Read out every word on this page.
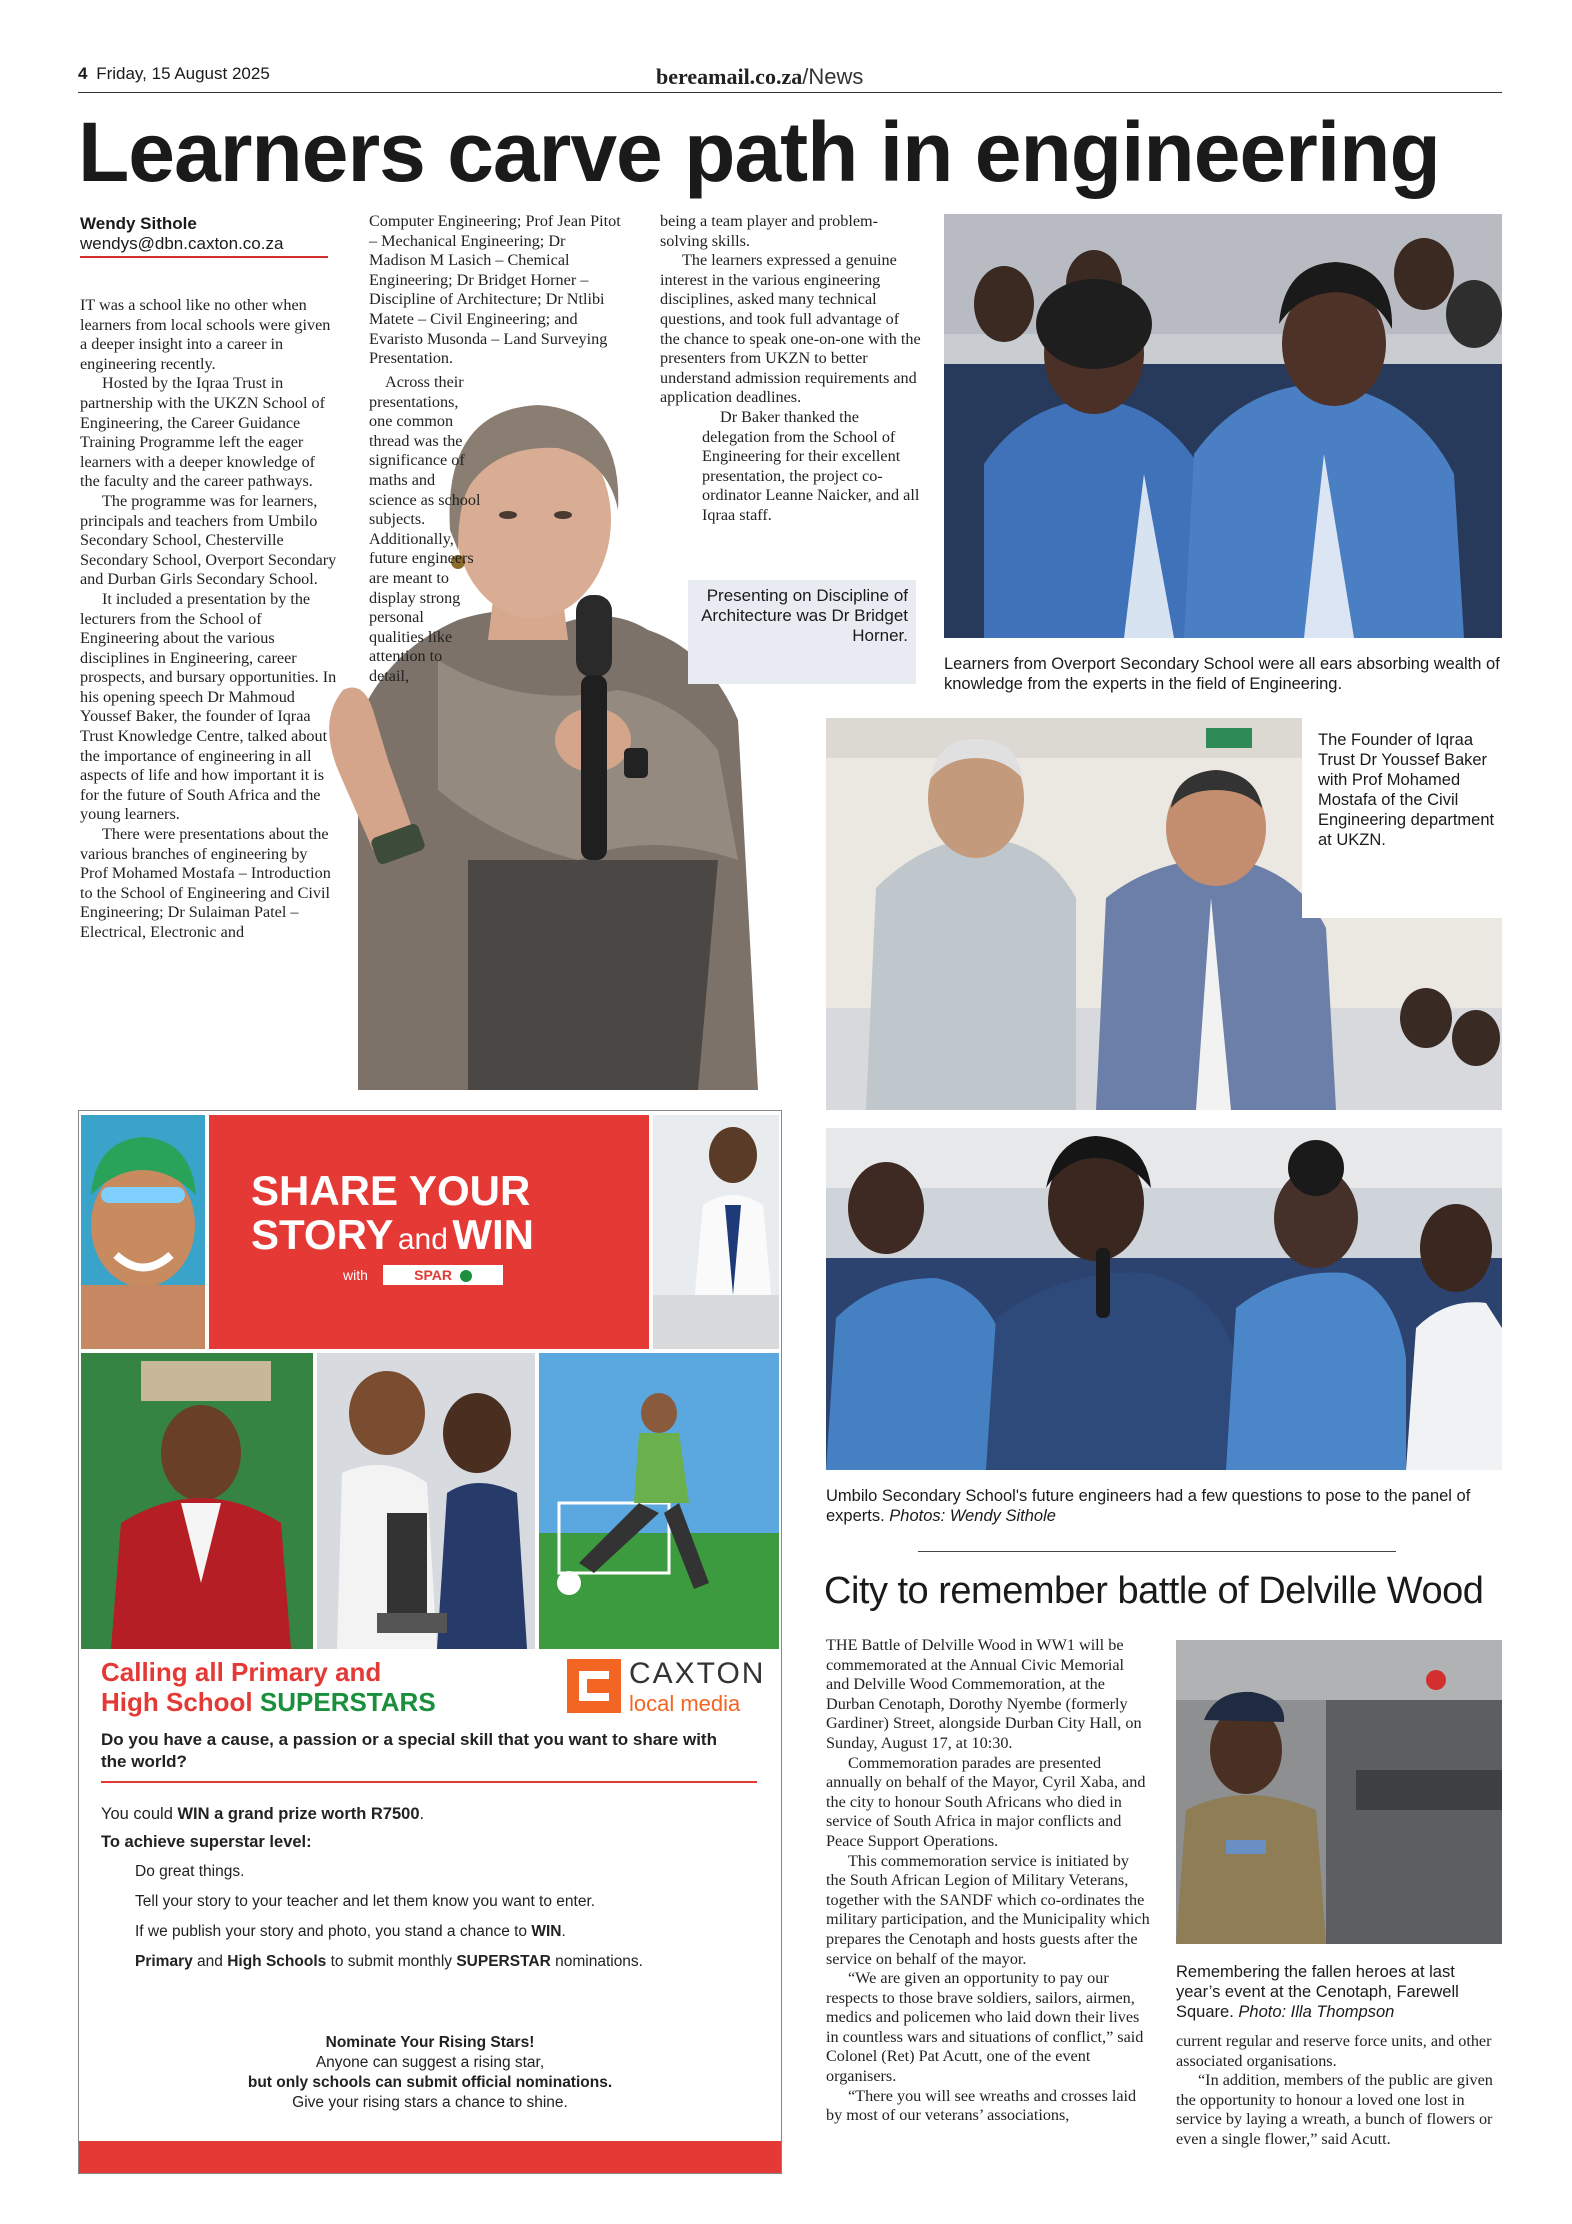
4 Friday, 15 August 2025	bereamail.co.za/News
Learners carve path in engineering
Wendy Sithole
wendys@dbn.caxton.co.za

IT was a school like no other when learners from local schools were given a deeper insight into a career in engineering recently.

Hosted by the Iqraa Trust in partnership with the UKZN School of Engineering, the Career Guidance Training Programme left the eager learners with a deeper knowledge of the faculty and the career pathways.

The programme was for learners, principals and teachers from Umbilo Secondary School, Chesterville Secondary School, Overport Secondary and Durban Girls Secondary School.

It included a presentation by the lecturers from the School of Engineering about the various disciplines in Engineering, career prospects, and bursary opportunities. In his opening speech Dr Mahmoud Youssef Baker, the founder of Iqraa Trust Knowledge Centre, talked about the importance of engineering in all aspects of life and how important it is for the future of South Africa and the young learners.

There were presentations about the various branches of engineering by Prof Mohamed Mostafa – Introduction to the School of Engineering and Civil Engineering; Dr Sulaiman Patel – Electrical, Electronic and

Computer Engineering; Prof Jean Pitot – Mechanical Engineering; Dr Madison M Lasich – Chemical Engineering; Dr Bridget Horner – Discipline of Architecture; Dr Ntlibi Matete – Civil Engineering; and Evaristo Musonda – Land Surveying Presentation.

Across their presentations, one common thread was the significance of maths and science as school subjects. Additionally, future engineers are meant to display strong personal qualities like attention to detail,

being a team player and problem-solving skills.

The learners expressed a genuine interest in the various engineering disciplines, asked many technical questions, and took full advantage of the chance to speak one-on-one with the presenters from UKZN to better understand admission requirements and application deadlines.

Dr Baker thanked the delegation from the School of Engineering for their excellent presentation, the project co-ordinator Leanne Naicker, and all Iqraa staff.

Presenting on Discipline of Architecture was Dr Bridget Horner.
Learners from Overport Secondary School were all ears absorbing wealth of knowledge from the experts in the field of Engineering.
The Founder of Iqraa Trust Dr Youssef Baker with Prof Mohamed Mostafa of the Civil Engineering department at UKZN.
Umbilo Secondary School's future engineers had a few questions to pose to the panel of experts. Photos: Wendy Sithole
SHARE YOUR
STORY and WIN
with	SPAR
Calling all Primary and
High School SUPERSTARS
CAXTON
local media
Do you have a cause, a passion or a special skill that you want to share with the world?
You could WIN a grand prize worth R7500.
To achieve superstar level:
Do great things.
Tell your story to your teacher and let them know you want to enter.
If we publish your story and photo, you stand a chance to WIN.
Primary and High Schools to submit monthly SUPERSTAR nominations.
Nominate Your Rising Stars!
Anyone can suggest a rising star,
but only schools can submit official nominations.
Give your rising stars a chance to shine.
City to remember battle of Delville Wood

THE Battle of Delville Wood in WW1 will be commemorated at the Annual Civic Memorial and Delville Wood Commemoration, at the Durban Cenotaph, Dorothy Nyembe (formerly Gardiner) Street, alongside Durban City Hall, on Sunday, August 17, at 10:30.

Commemoration parades are presented annually on behalf of the Mayor, Cyril Xaba, and the city to honour South Africans who died in service of South Africa in major conflicts and Peace Support Operations.

This commemoration service is initiated by the South African Legion of Military Veterans, together with the SANDF which co-ordinates the military participation, and the Municipality which prepares the Cenotaph and hosts guests after the service on behalf of the mayor.

“We are given an opportunity to pay our respects to those brave soldiers, sailors, airmen, medics and policemen who laid down their lives in countless wars and situations of conflict,” said Colonel (Ret) Pat Acutt, one of the event organisers.

“There you will see wreaths and crosses laid by most of our veterans’ associations,

Remembering the fallen heroes at last year’s event at the Cenotaph, Farewell Square. Photo: Illa Thompson

current regular and reserve force units, and other associated organisations.

“In addition, members of the public are given the opportunity to honour a loved one lost in service by laying a wreath, a bunch of flowers or even a single flower,” said Acutt.
